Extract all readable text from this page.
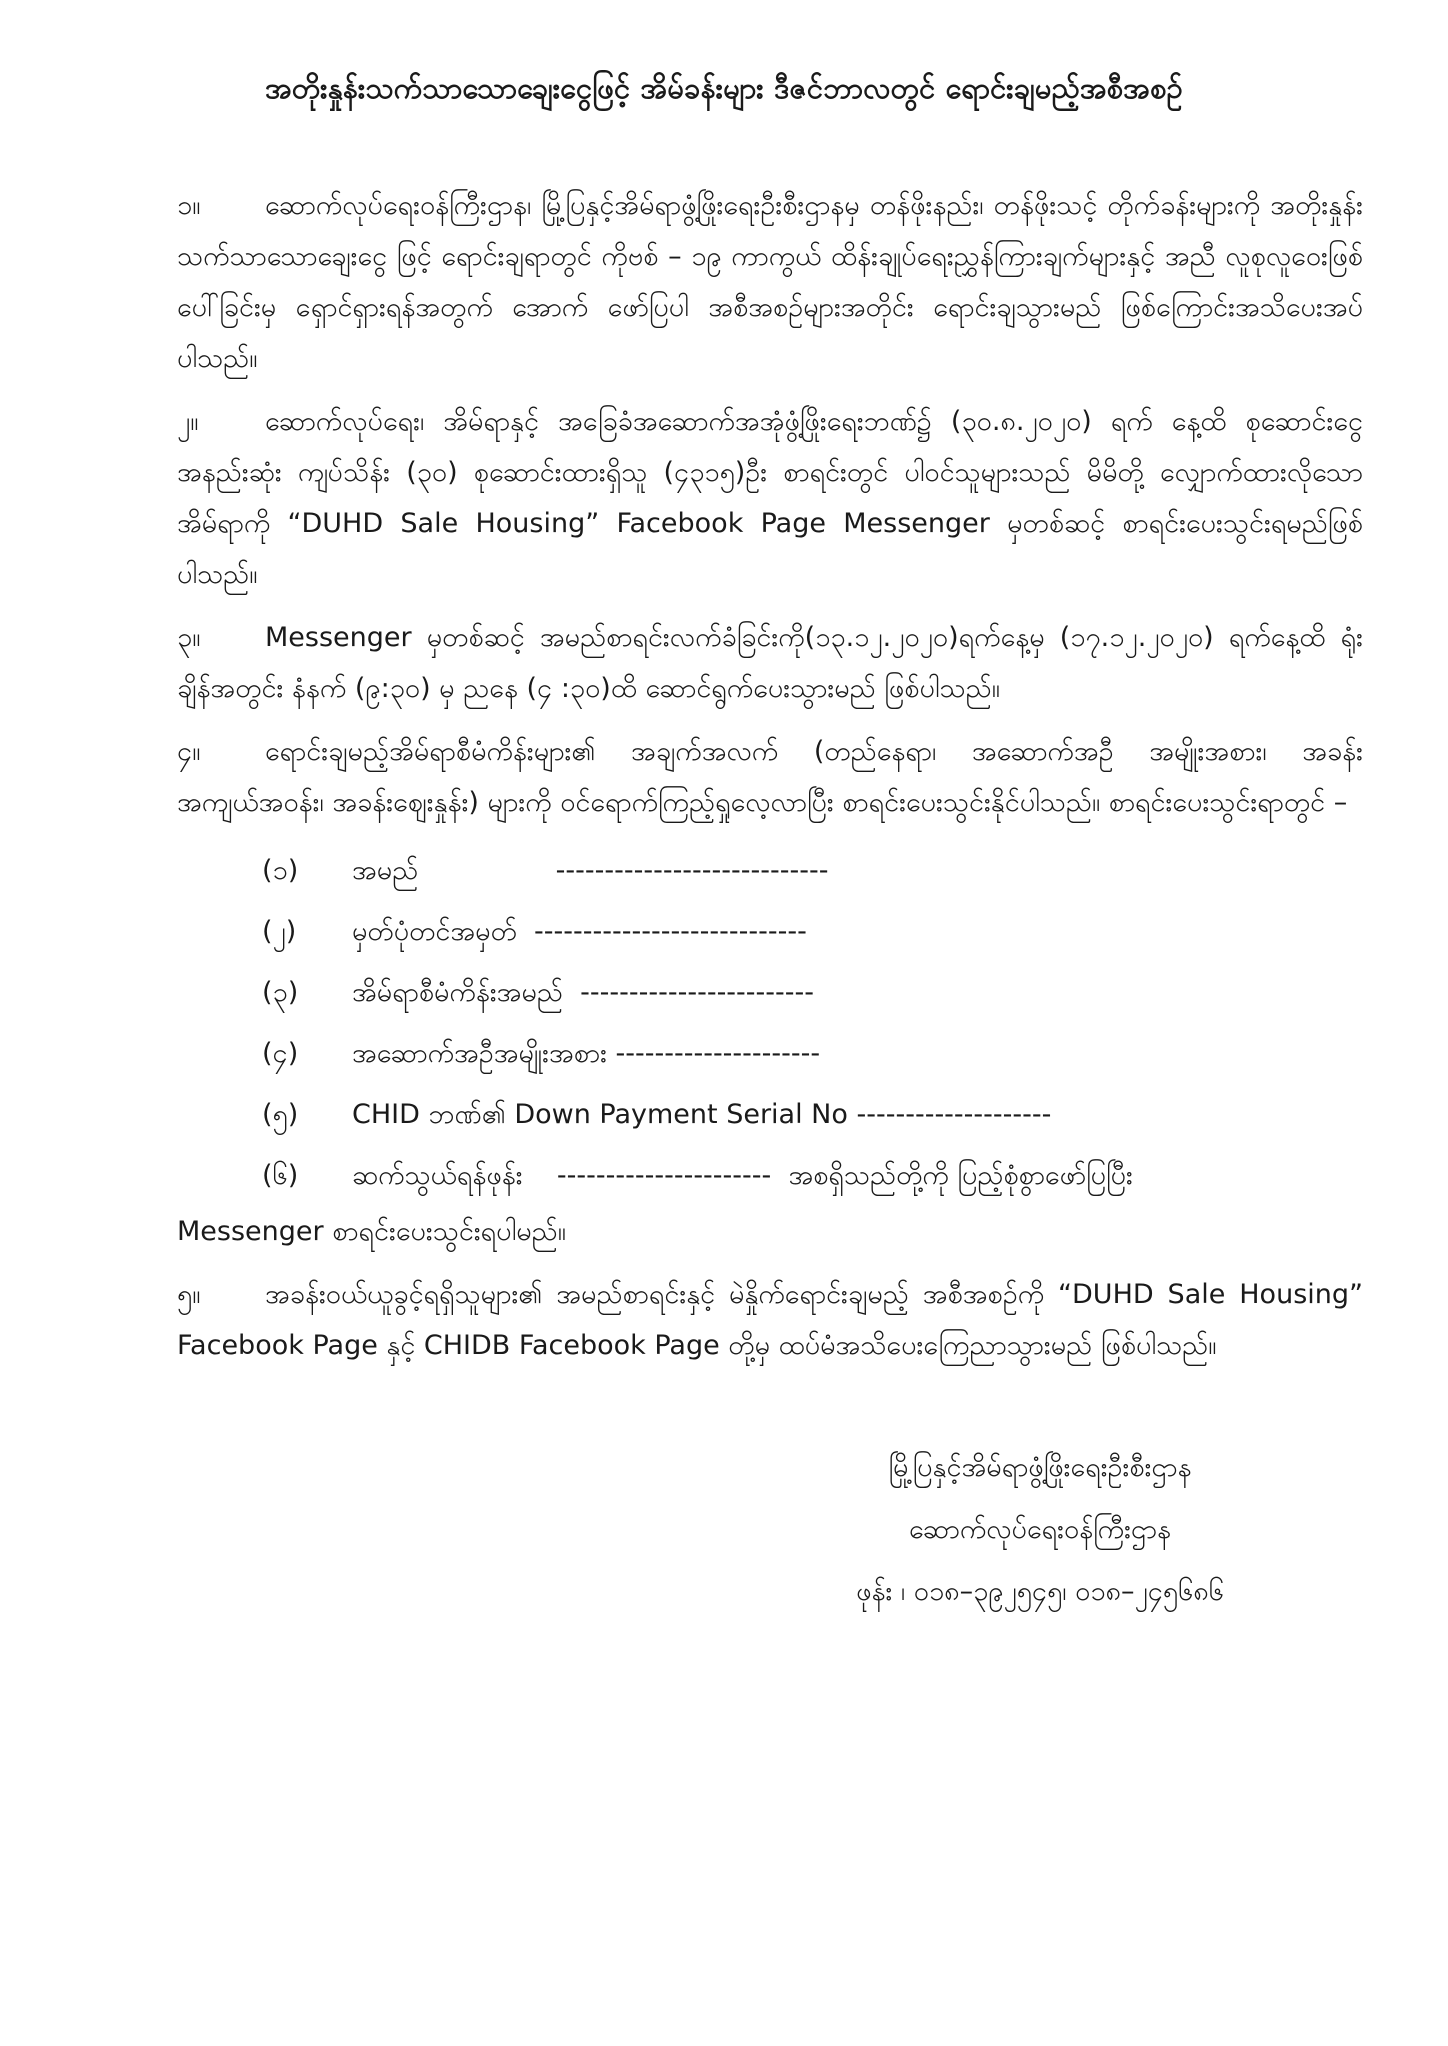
အတိုးနှုန်းသက်သာသောချေးငွေဖြင့် အိမ်ခန်းများ ဒီဇင်ဘာလတွင် ရောင်းချမည့်အစီအစဉ်

၁။ ဆောက်လုပ်ရေးဝန်ကြီးဌာန၊ မြို့ပြနှင့်အိမ်ရာဖွံ့ဖြိုးရေးဦးစီးဌာနမှ တန်ဖိုးနည်း၊ တန်ဖိုးသင့် တိုက်ခန်းများကို အတိုးနှုန်းသက်သာသောချေးငွေ ဖြင့် ရောင်းချရာတွင် ကိုဗစ် – ၁၉ ကာကွယ် ထိန်းချုပ်ရေးညွှန်ကြားချက်များနှင့် အညီ လူစုလူဝေးဖြစ်ပေါ်ခြင်းမှ ရှောင်ရှားရန်အတွက် အောက် ဖော်ပြပါ အစီအစဉ်များအတိုင်း ရောင်းချသွားမည် ဖြစ်ကြောင်းအသိပေးအပ်ပါသည်။

၂။ ဆောက်လုပ်ရေး၊ အိမ်ရာနှင့် အခြေခံအဆောက်အအုံဖွံ့ဖြိုးရေးဘဏ်၌ (၃၀.၈.၂၀၂၀) ရက် နေ့ထိ စုဆောင်းငွေ အနည်းဆုံး ကျပ်သိန်း (၃၀) စုဆောင်းထားရှိသူ (၄၃၁၅)ဦး စာရင်းတွင် ပါဝင်သူများသည် မိမိတို့ လျှောက်ထားလိုသောအိမ်ရာကို “DUHD Sale Housing” Facebook Page Messenger မှတစ်ဆင့် စာရင်းပေးသွင်းရမည်ဖြစ်ပါသည်။

၃။ Messenger မှတစ်ဆင့် အမည်စာရင်းလက်ခံခြင်းကို(၁၃.၁၂.၂၀၂၀)ရက်နေ့မှ (၁၇.၁၂.၂၀၂၀) ရက်နေ့ထိ ရုံးချိန်အတွင်း နံနက် (၉:၃၀) မှ ညနေ (၄ :၃၀)ထိ ဆောင်ရွက်ပေးသွားမည် ဖြစ်ပါသည်။

၄။ ရောင်းချမည့်အိမ်ရာစီမံကိန်းများ၏ အချက်အလက် (တည်နေရာ၊ အဆောက်အဦ အမျိုးအစား၊ အခန်းအကျယ်အဝန်း၊ အခန်းဈေးနှုန်း) များကို ဝင်ရောက်ကြည့်ရှုလေ့လာပြီး စာရင်းပေးသွင်းနိုင်ပါသည်။ စာရင်းပေးသွင်းရာတွင် –

(၁) အမည်	----------------------------
(၂) မှတ်ပုံတင်အမှတ် ----------------------------
(၃) အိမ်ရာစီမံကိန်းအမည် ------------------------
(၄) အဆောက်အဦအမျိုးအစား ---------------------
(၅) CHID ဘဏ်၏ Down Payment Serial No --------------------
(၆) ဆက်သွယ်ရန်ဖုန်း ---------------------- အစရှိသည်တို့ကို ပြည့်စုံစွာဖော်ပြပြီး

Messenger စာရင်းပေးသွင်းရပါမည်။

၅။ အခန်းဝယ်ယူခွင့်ရရှိသူများ၏ အမည်စာရင်းနှင့် မဲနှိုက်ရောင်းချမည့် အစီအစဉ်ကို “DUHD Sale Housing” Facebook Page နှင့် CHIDB Facebook Page တို့မှ ထပ်မံအသိပေးကြေညာသွားမည် ဖြစ်ပါသည်။

မြို့ပြနှင့်အိမ်ရာဖွံ့ဖြိုးရေးဦးစီးဌာန
ဆောက်လုပ်ရေးဝန်ကြီးဌာန
ဖုန်း ၊ ၀၁၈–၃၉၂၅၄၅၊ ၀၁၈–၂၄၅၆၈၆
